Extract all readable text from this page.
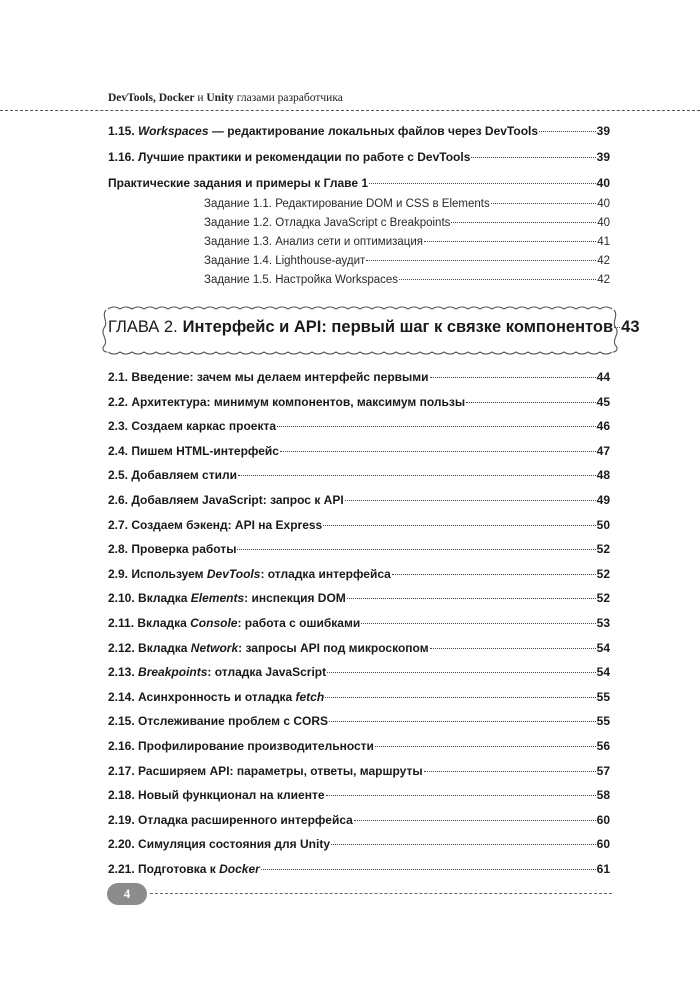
DevTools, Docker и Unity глазами разработчика
1.15. Workspaces — редактирование локальных файлов через DevTools	39
1.16. Лучшие практики и рекомендации по работе с DevTools	39
Практические задания и примеры к Главе 1	40
Задание 1.1. Редактирование DOM и CSS в Elements	40
Задание 1.2. Отладка JavaScript с Breakpoints	40
Задание 1.3. Анализ сети и оптимизация	41
Задание 1.4. Lighthouse-аудит	42
Задание 1.5. Настройка Workspaces	42
ГЛАВА 2. Интерфейс и API: первый шаг к связке компонентов 43
2.1. Введение: зачем мы делаем интерфейс первыми	44
2.2. Архитектура: минимум компонентов, максимум пользы	45
2.3. Создаем каркас проекта	46
2.4. Пишем HTML-интерфейс	47
2.5. Добавляем стили	48
2.6. Добавляем JavaScript: запрос к API	49
2.7. Создаем бэкенд: API на Express	50
2.8. Проверка работы	52
2.9. Используем DevTools: отладка интерфейса	52
2.10. Вкладка Elements: инспекция DOM	52
2.11. Вкладка Console: работа с ошибками	53
2.12. Вкладка Network: запросы API под микроскопом	54
2.13. Breakpoints: отладка JavaScript	54
2.14. Асинхронность и отладка fetch	55
2.15. Отслеживание проблем с CORS	55
2.16. Профилирование производительности	56
2.17. Расширяем API: параметры, ответы, маршруты	57
2.18. Новый функционал на клиенте	58
2.19. Отладка расширенного интерфейса	60
2.20. Симуляция состояния для Unity	60
2.21. Подготовка к Docker	61
4
